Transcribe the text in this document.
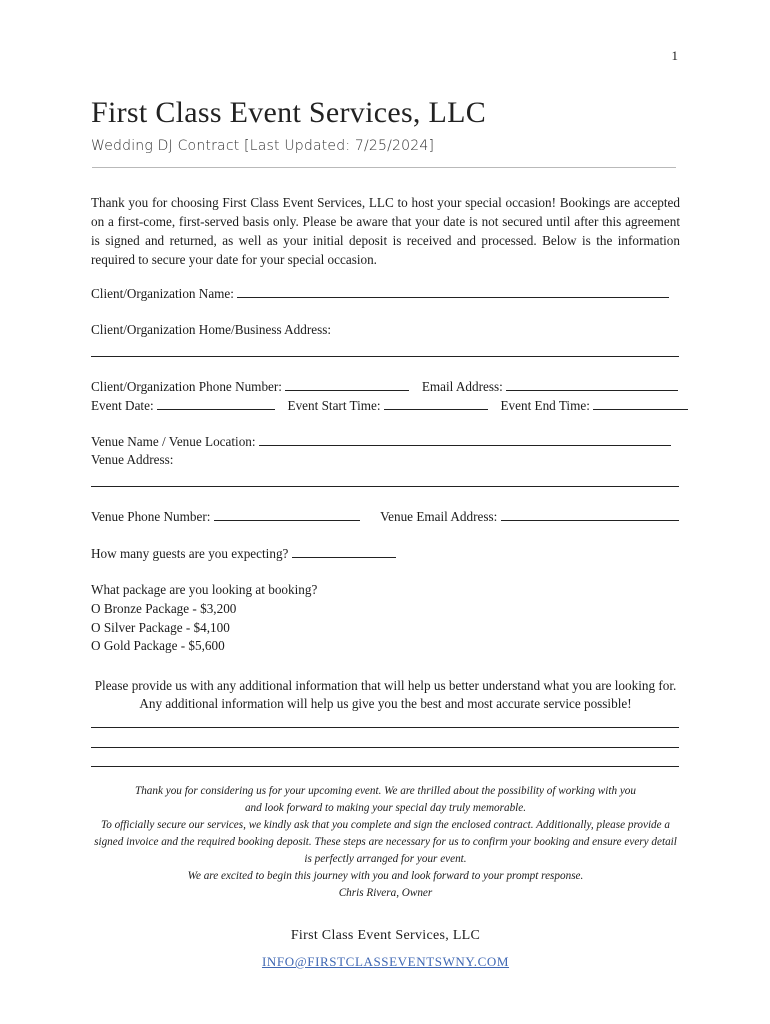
1
First Class Event Services, LLC
Wedding DJ Contract [Last Updated: 7/25/2024]
Thank you for choosing First Class Event Services, LLC to host your special occasion! Bookings are accepted on a first-come, first-served basis only. Please be aware that your date is not secured until after this agreement is signed and returned, as well as your initial deposit is received and processed. Below is the information required to secure your date for your special occasion.
Client/Organization Name:
Client/Organization Home/Business Address:
Client/Organization Phone Number:	Email Address:
Event Date:	Event Start Time:	Event End Time:
Venue Name / Venue Location:
Venue Address:
Venue Phone Number:	Venue Email Address:
How many guests are you expecting?
What package are you looking at booking?
O Bronze Package - $3,200
O Silver Package - $4,100
O Gold Package - $5,600
Please provide us with any additional information that will help us better understand what you are looking for.
Any additional information will help us give you the best and most accurate service possible!
Thank you for considering us for your upcoming event. We are thrilled about the possibility of working with you
and look forward to making your special day truly memorable.
To officially secure our services, we kindly ask that you complete and sign the enclosed contract. Additionally, please provide a
signed invoice and the required booking deposit. These steps are necessary for us to confirm your booking and ensure every detail
is perfectly arranged for your event.
We are excited to begin this journey with you and look forward to your prompt response.
Chris Rivera, Owner
First Class Event Services, LLC
INFO@FIRSTCLASSEVENTSWNY.COM
